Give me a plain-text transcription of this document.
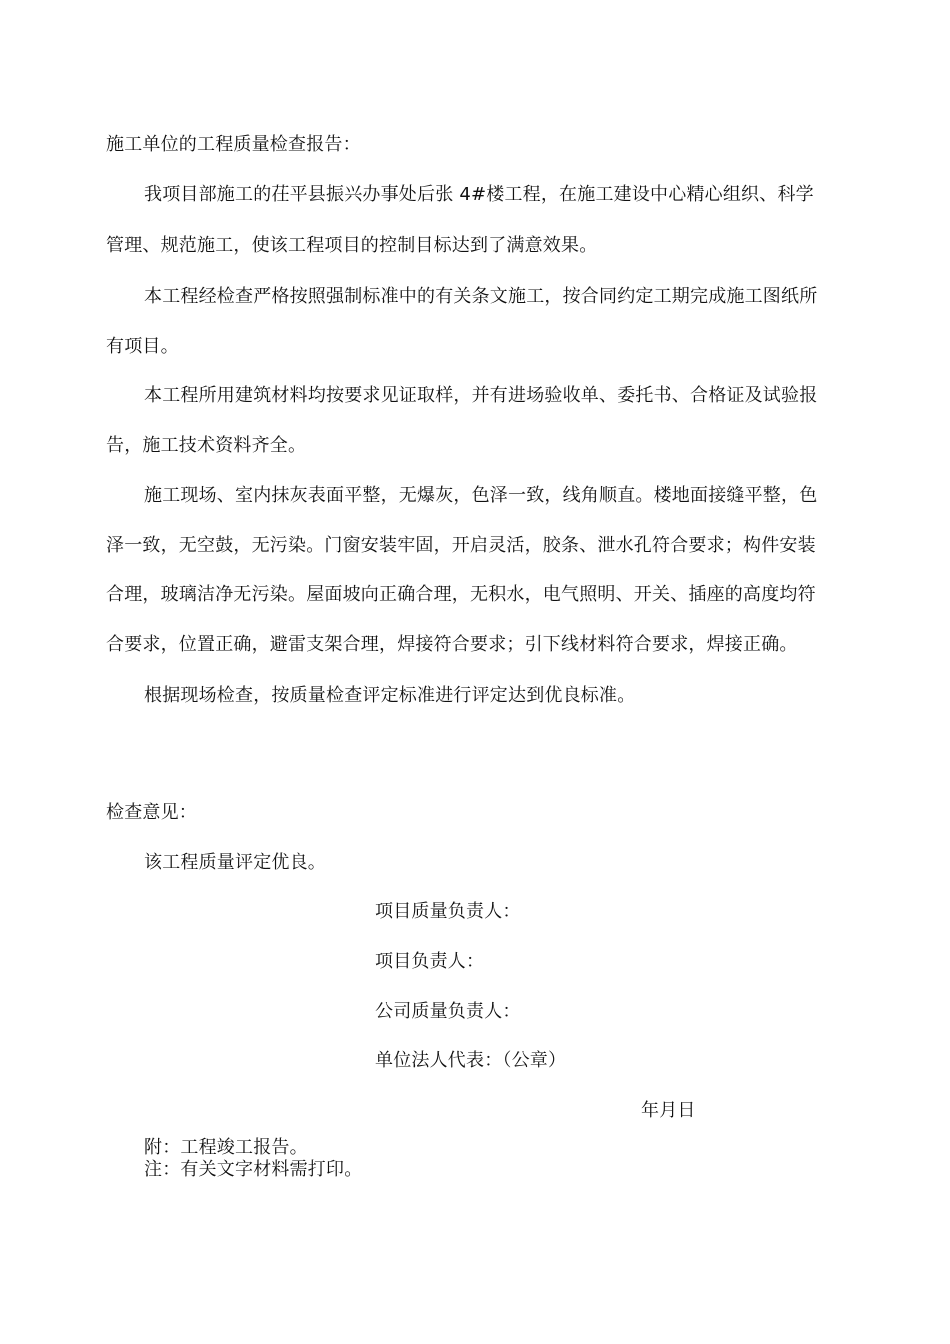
施工单位的工程质量检查报告：
我项目部施工的茌平县振兴办事处后张 4#楼工程，在施工建设中心精心组织、科学
管理、规范施工，使该工程项目的控制目标达到了满意效果。
本工程经检查严格按照强制标准中的有关条文施工，按合同约定工期完成施工图纸所
有项目。
本工程所用建筑材料均按要求见证取样，并有进场验收单、委托书、合格证及试验报
告，施工技术资料齐全。
施工现场、室内抹灰表面平整，无爆灰，色泽一致，线角顺直。楼地面接缝平整，色
泽一致，无空鼓，无污染。门窗安装牢固，开启灵活，胶条、泄水孔符合要求；构件安装
合理，玻璃洁净无污染。屋面坡向正确合理，无积水，电气照明、开关、插座的高度均符
合要求，位置正确，避雷支架合理，焊接符合要求；引下线材料符合要求，焊接正确。
根据现场检查，按质量检查评定标准进行评定达到优良标准。
检查意见：
该工程质量评定优良。
项目质量负责人：
项目负责人：
公司质量负责人：
单位法人代表：（公章）
年月日
附：工程竣工报告。
注：有关文字材料需打印。
